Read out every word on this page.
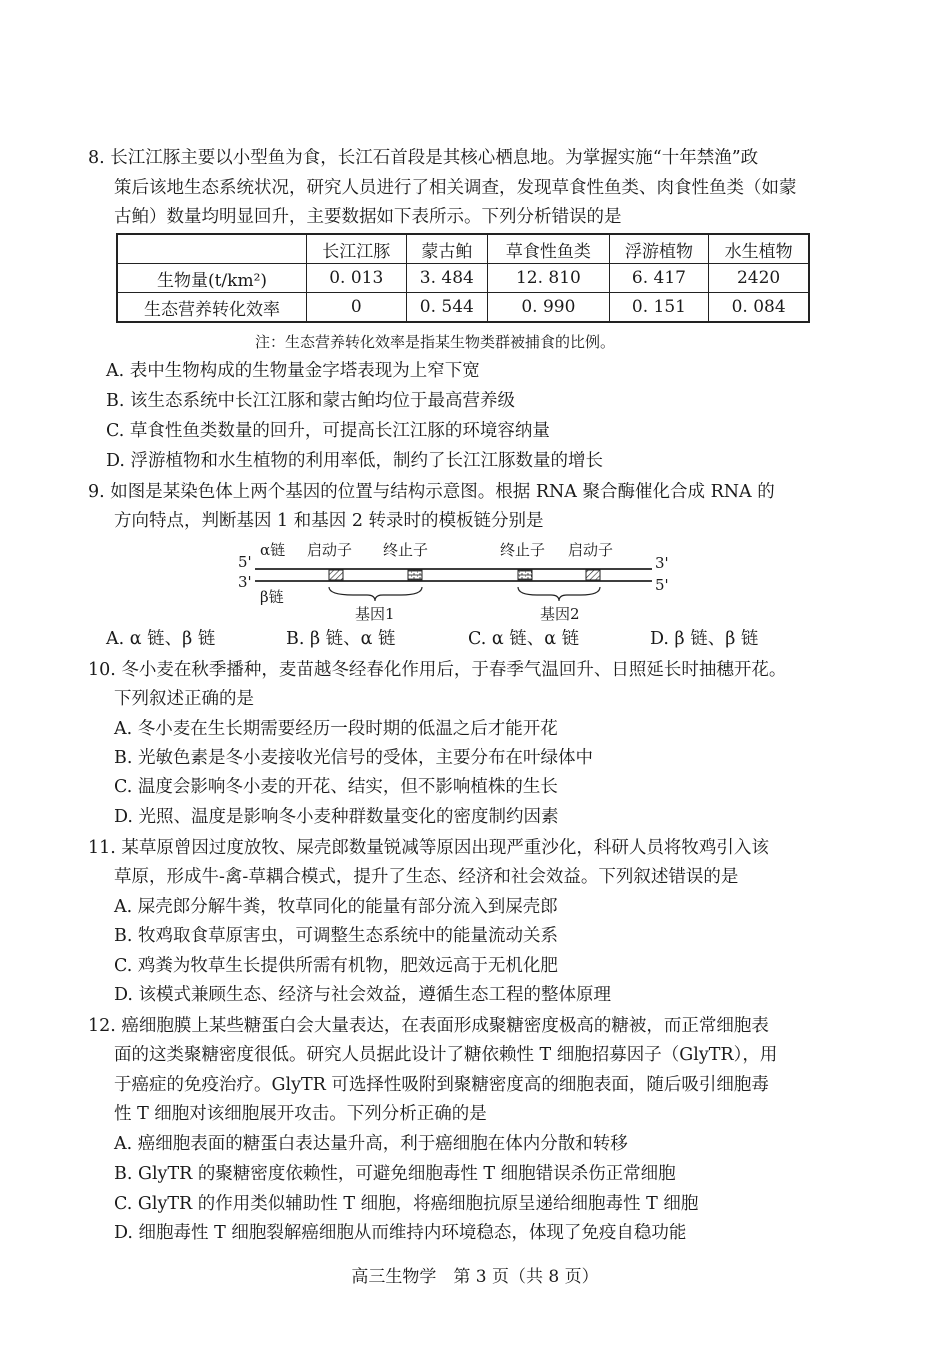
8. 长江江豚主要以小型鱼为食，长江石首段是其核心栖息地。为掌握实施“十年禁渔”政
策后该地生态系统状况，研究人员进行了相关调查，发现草食性鱼类、肉食性鱼类（如蒙
古鲌）数量均明显回升，主要数据如下表所示。下列分析错误的是
	长江江豚	蒙古鲌	草食性鱼类	浮游植物	水生植物
生物量(t/km²)	0. 013	3. 484	12. 810	6. 417	2420
生态营养转化效率	0	0. 544	0. 990	0. 151	0. 084
注：生态营养转化效率是指某生物类群被捕食的比例。
A. 表中生物构成的生物量金字塔表现为上窄下宽
B. 该生态系统中长江江豚和蒙古鲌均位于最高营养级
C. 草食性鱼类数量的回升，可提高长江江豚的环境容纳量
D. 浮游植物和水生植物的利用率低，制约了长江江豚数量的增长
9. 如图是某染色体上两个基因的位置与结构示意图。根据 RNA 聚合酶催化合成 RNA 的
方向特点，判断基因 1 和基因 2 转录时的模板链分别是
5'
3'
α链
β链
3'
5'
启动子 终止子
基因1
终止子 启动子
基因2
A. α 链、β 链	B. β 链、α 链	C. α 链、α 链	D. β 链、β 链
10. 冬小麦在秋季播种，麦苗越冬经春化作用后，于春季气温回升、日照延长时抽穗开花。
下列叙述正确的是
A. 冬小麦在生长期需要经历一段时期的低温之后才能开花
B. 光敏色素是冬小麦接收光信号的受体，主要分布在叶绿体中
C. 温度会影响冬小麦的开花、结实，但不影响植株的生长
D. 光照、温度是影响冬小麦种群数量变化的密度制约因素
11. 某草原曾因过度放牧、屎壳郎数量锐减等原因出现严重沙化，科研人员将牧鸡引入该
草原，形成牛-禽-草耦合模式，提升了生态、经济和社会效益。下列叙述错误的是
A. 屎壳郎分解牛粪，牧草同化的能量有部分流入到屎壳郎
B. 牧鸡取食草原害虫，可调整生态系统中的能量流动关系
C. 鸡粪为牧草生长提供所需有机物，肥效远高于无机化肥
D. 该模式兼顾生态、经济与社会效益，遵循生态工程的整体原理
12. 癌细胞膜上某些糖蛋白会大量表达，在表面形成聚糖密度极高的糖被，而正常细胞表
面的这类聚糖密度很低。研究人员据此设计了糖依赖性 T 细胞招募因子（GlyTR），用
于癌症的免疫治疗。GlyTR 可选择性吸附到聚糖密度高的细胞表面，随后吸引细胞毒
性 T 细胞对该细胞展开攻击。下列分析正确的是
A. 癌细胞表面的糖蛋白表达量升高，利于癌细胞在体内分散和转移
B. GlyTR 的聚糖密度依赖性，可避免细胞毒性 T 细胞错误杀伤正常细胞
C. GlyTR 的作用类似辅助性 T 细胞，将癌细胞抗原呈递给细胞毒性 T 细胞
D. 细胞毒性 T 细胞裂解癌细胞从而维持内环境稳态，体现了免疫自稳功能
高三生物学　第 3 页（共 8 页）
